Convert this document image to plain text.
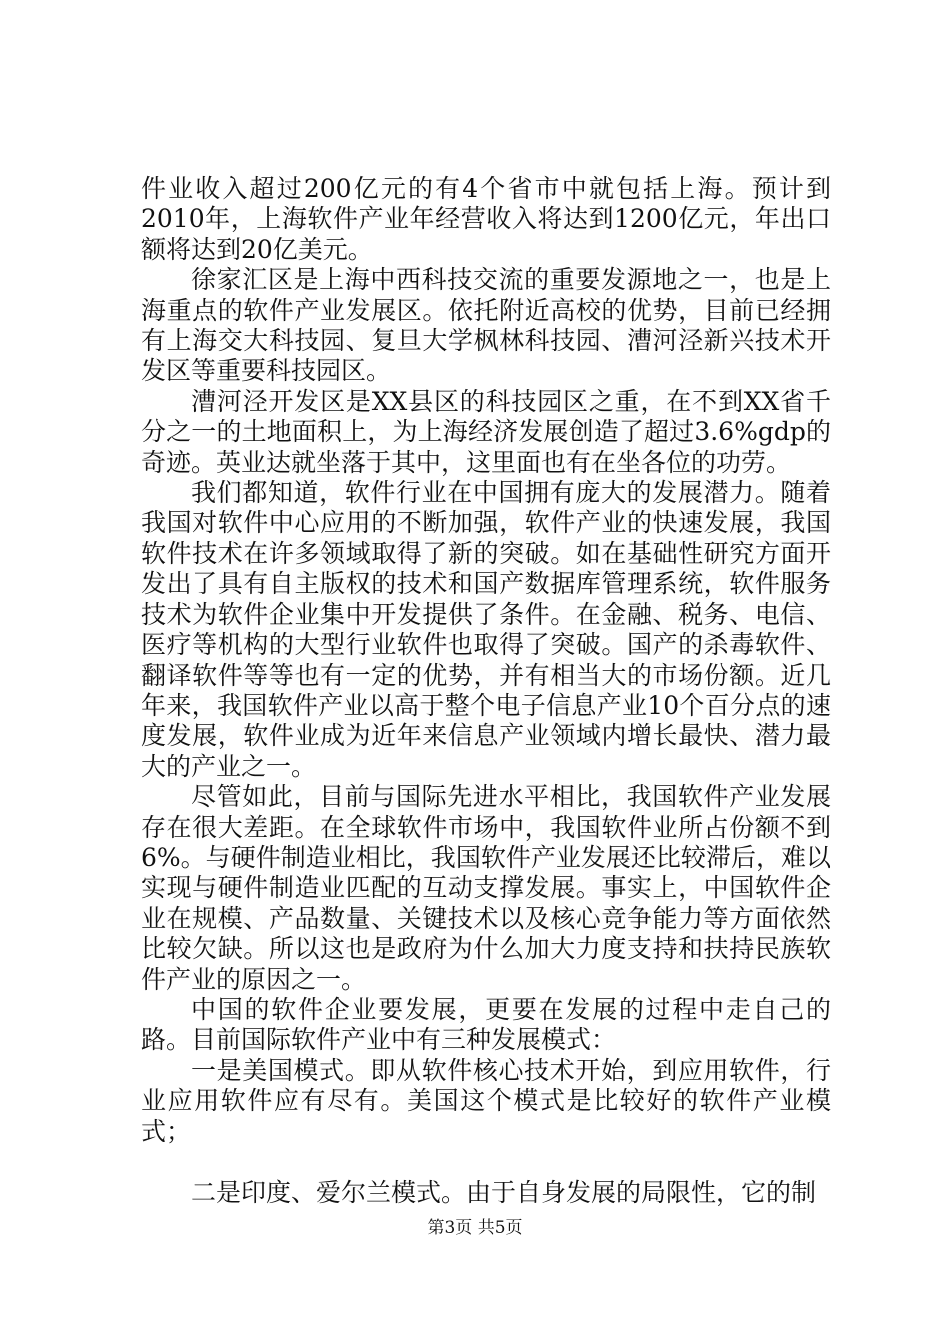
件业收入超过200亿元的有4个省市中就包括上海。预计到2010年，上海软件产业年经营收入将达到1200亿元，年出口额将达到20亿美元。

徐家汇区是上海中西科技交流的重要发源地之一，也是上海重点的软件产业发展区。依托附近高校的优势，目前已经拥有上海交大科技园、复旦大学枫林科技园、漕河泾新兴技术开发区等重要科技园区。

漕河泾开发区是XX县区的科技园区之重，在不到XX省千分之一的土地面积上，为上海经济发展创造了超过3.6%gdp的奇迹。英业达就坐落于其中，这里面也有在坐各位的功劳。

我们都知道，软件行业在中国拥有庞大的发展潜力。随着我国对软件中心应用的不断加强，软件产业的快速发展，我国软件技术在许多领域取得了新的突破。如在基础性研究方面开发出了具有自主版权的技术和国产数据库管理系统，软件服务技术为软件企业集中开发提供了条件。在金融、税务、电信、医疗等机构的大型行业软件也取得了突破。国产的杀毒软件、翻译软件等等也有一定的优势，并有相当大的市场份额。近几年来，我国软件产业以高于整个电子信息产业10个百分点的速度发展，软件业成为近年来信息产业领域内增长最快、潜力最大的产业之一。

尽管如此，目前与国际先进水平相比，我国软件产业发展存在很大差距。在全球软件市场中，我国软件业所占份额不到6%。与硬件制造业相比，我国软件产业发展还比较滞后，难以实现与硬件制造业匹配的互动支撑发展。事实上，中国软件企业在规模、产品数量、关键技术以及核心竞争能力等方面依然比较欠缺。所以这也是政府为什么加大力度支持和扶持民族软件产业的原因之一。

中国的软件企业要发展，更要在发展的过程中走自己的路。目前国际软件产业中有三种发展模式：

一是美国模式。即从软件核心技术开始，到应用软件，行业应用软件应有尽有。美国这个模式是比较好的软件产业模式；

二是印度、爱尔兰模式。由于自身发展的局限性，它的制

第3页 共5页
